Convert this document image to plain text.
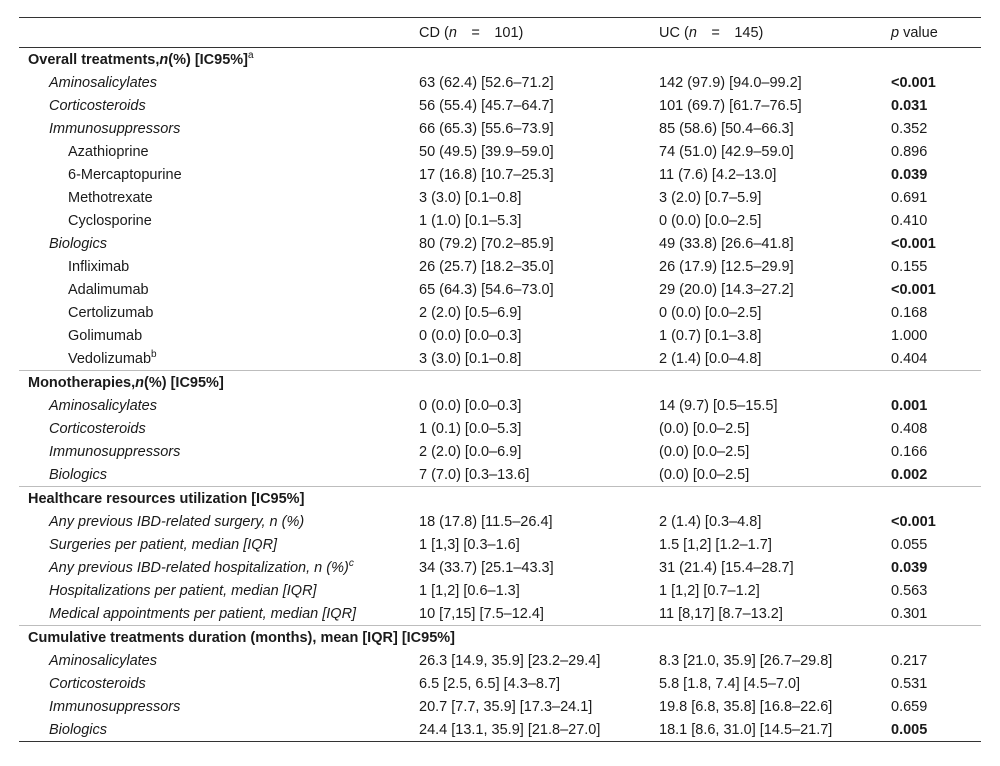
	CD (n = 101)	UC (n = 145)	p value
Overall treatments,n(%) $[IC95\%]^a$
Aminosalicylates	63 (62.4) [52.6–71.2]	142 (97.9) [94.0–99.2]	<0.001
Corticosteroids	56 (55.4) [45.7–64.7]	101 (69.7) [61.7–76.5]	0.031
Immunosuppressors	66 (65.3) [55.6–73.9]	85 (58.6) [50.4–66.3]	0.352
Azathioprine	50 (49.5) [39.9–59.0]	74 (51.0) [42.9–59.0]	0.896
6-Mercaptopurine	17 (16.8) [10.7–25.3]	11 (7.6) [4.2–13.0]	0.039
Methotrexate	3 (3.0) [0.1–0.8]	3 (2.0) [0.7–5.9]	0.691
Cyclosporine	1 (1.0) [0.1–5.3]	0 (0.0) [0.0–2.5]	0.410
Biologics	80 (79.2) [70.2–85.9]	49 (33.8) [26.6–41.8]	<0.001
Infliximab	26 (25.7) [18.2–35.0]	26 (17.9) [12.5–29.9]	0.155
Adalimumab	65 (64.3) [54.6–73.0]	29 (20.0) [14.3–27.2]	<0.001
Certolizumab	2 (2.0) [0.5–6.9]	0 (0.0) [0.0–2.5]	0.168
Golimumab	0 (0.0) [0.0–0.3]	1 (0.7) [0.1–3.8]	1.000
Vedolizumab$^b$	3 (3.0) [0.1–0.8]	2 (1.4) [0.0–4.8]	0.404
Monotherapies,n(%) [IC95%]			
Aminosalicylates	0 (0.0) [0.0–0.3]	14 (9.7) [0.5–15.5]	0.001
Corticosteroids	1 (0.1) [0.0–5.3]	(0.0) [0.0–2.5]	0.408
Immunosuppressors	2 (2.0) [0.0–6.9]	(0.0) [0.0–2.5]	0.166
Biologics	7 (7.0) [0.3–13.6]	(0.0) [0.0–2.5]	0.002
Healthcare resources utilization [IC95%]			
Any previous IBD-related surgery, n (%)	18 (17.8) [11.5–26.4]	2 (1.4) [0.3–4.8]	<0.001
Surgeries per patient, median [IQR]	1 [1,3] [0.3–1.6]	1.5 [1,2] [1.2–1.7]	0.055
Any previous IBD-related hospitalization, n (%)$^c$	34 (33.7) [25.1–43.3]	31 (21.4) [15.4–28.7]	0.039
Hospitalizations per patient, median [IQR]	1 [1,2] [0.6–1.3]	1 [1,2] [0.7–1.2]	0.563
Medical appointments per patient, median [IQR]	10 [7,15] [7.5–12.4]	11 [8,17] [8.7–13.2]	0.301
Cumulative treatments duration (months), mean [IQR] [IC95%]			
Aminosalicylates	26.3 [14.9, 35.9] [23.2–29.4]	8.3 [21.0, 35.9] [26.7–29.8]	0.217
Corticosteroids	6.5 [2.5, 6.5] [4.3–8.7]	5.8 [1.8, 7.4] [4.5–7.0]	0.531
Immunosuppressors	20.7 [7.7, 35.9] [17.3–24.1]	19.8 [6.8, 35.8] [16.8–22.6]	0.659
Biologics	24.4 [13.1, 35.9] [21.8–27.0]	18.1 [8.6, 31.0] [14.5–21.7]	0.005
